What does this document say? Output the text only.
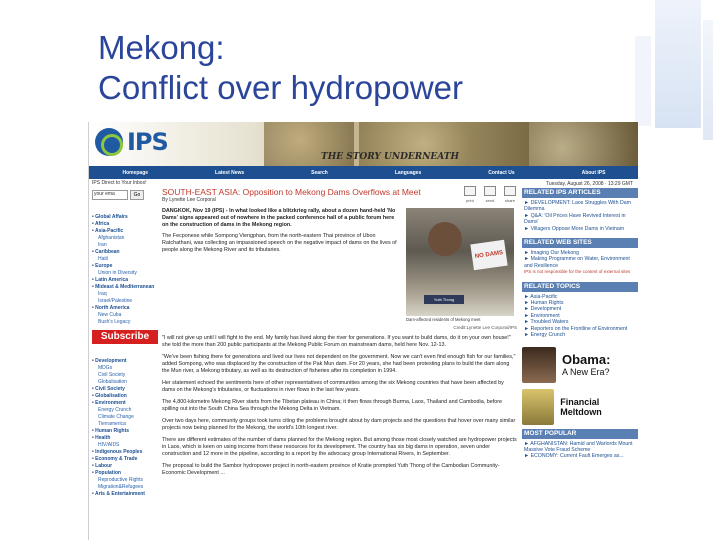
Mekong:
Conflict over hydropower
IPS
THE STORY UNDERNEATH
Homepage	Latest News	Search	Languages	Contact Us	About IPS
Tuesday, August 26, 2008 · 13:29 GMT
IPS Direct to Your Inbox!
your ema	Go
• Global Affairs
• Africa
• Asia-Pacific
Afghanistan
Iran
• Caribbean
Haiti
• Europe
Union in Diversity
• Latin America
• Mideast & Mediterranean
Iraq
Israel/Palestine
• North America
New Cuba
Bush's Legacy
Subscribe
• Development
MDGs
Civil Society
Globalisation
• Civil Society
• Globalisation
• Environment
Energy Crunch
Climate Change
Tierramerica
• Human Rights
• Health
HIV/AIDS
• Indigenous Peoples
• Economy & Trade
• Labour
• Population
Reproductive Rights
Migration&Refugees
• Arts & Entertainment
print	send	share
SOUTH-EAST ASIA: Opposition to Mekong Dams Overflows at Meet
By Lynette Lee Corporal

DANGKOK, Nov 19 (IPS) - In what looked like a blitzkrieg rally, about a dozen hand-held 'No Dams' signs appeared out of nowhere in the packed conference hall of a public forum here on the construction of dams in the Mekong region.

The Fecponese while Sompong Viengphan, from the north-eastern Thai province of Ubon Ratchathani, was collecting an impassioned speech on the negative impact of dams on the lives of people along the Mekong River and its tributaries.

NO DAMS
Yuth Thong
Dam-affected residents of Mekong meet
Credit:Lynette Lee Corporal/IPS

"I will not give up until I will fight to the end. My family has lived along the river for generations. If you want to build dams, do it on your own house!" she told the more than 200 public participants at the Mekong Public Forum on mainstream dams, held here Nov. 12-13.

"We've been fishing there for generations and lived our lives not dependent on the government. Now we can't even find enough fish for our families," added Sompong, who was displaced by the construction of the Pak Mun dam. For 20 years, she had been protesting plans to build the dam along the Mun river, a Mekong tributary, as well as its destruction of fisheries after its completion in 1994.

Her statement echoed the sentiments here of other representatives of communities among the six Mekong countries that have been affected by dams on the Mekong's tributaries, or fluctuations in river flows in the last few years.

The 4,800-kilometre Mekong River starts from the Tibetan plateau in China; it then flows through Burma, Laos, Thailand and Cambodia, before spilling out into the South China Sea through the Mekong Delta in Vietnam.

Over two days here, community groups took turns citing the problems brought about by dam projects and the questions that hover over many similar projects now being planned for the Mekong, the world's 10th longest river.

There are different estimates of the number of dams planned for the Mekong region. But among those most closely watched are hydropower projects in Laos, which is keen on using income from these resources for its development. The country has six big dams in operation, seven under construction and 12 more in the pipeline, according to a report by the advocacy group International Rivers, in September.

The proposal to build the Sambor hydropower project in north-eastern province of Kratie prompted Yuth Thong of the Cambodian Community-Economic Development ...

RELATED IPS ARTICLES
► DEVELOPMENT: Laos Struggles With Dam Dilemma
► Q&A: 'Oil Prices Have Revived Interest in Dams'
► Villagers Oppose More Dams in Vietnam
RELATED WEB SITES
► Imaging Our Mekong
► Making Programme on Water, Environment and Resilience
IPS is not responsible for the content of external sites
RELATED TOPICS
► Asia-Pacific
► Human Rights
► Development
► Environment
► Troubled Waters
► Reporters on the Frontline of Environment
► Energy Crunch
Obama:
A New Era?
Financial Meltdown
MOST POPULAR
► AFGHANISTAN: Hamid and Warlords Mount Massive Vote Fraud Scheme
► ECONOMY: Current Fault Emerges as...
